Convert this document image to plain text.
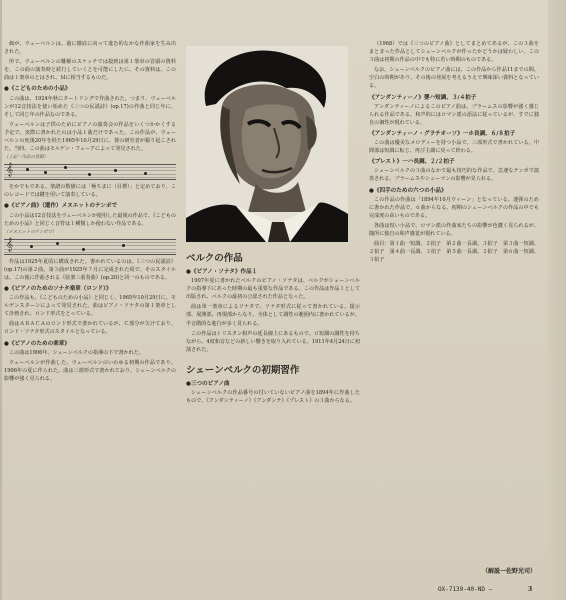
価が、ウェーベルンは、過に徹底に向って進む的なかな作曲家を生み出された。

所で、ウェーベルンの難解のスケッチでは殺到は第１楽章の冒頭の資料を、この曲の演奏時と続行していくとを可能にしたに、その資料は、この曲は１楽章のとはされ、Ｍに相当するものだ。

●《こどものための小品》

この曲は、1924年秋にタートリングで作曲された。つまり、ウェーベルンが12音技法を使い始めた《三つの民謡詩》(op.17)の作曲と同じ年に、そして同じ年の作品なのである。

ウェーベルンは子供のためにピアノの演奏会の作品をいくつかかくする予定で、実際に書かれたのは小品１曲だけであった。この作品が、ウェーベルンの死後20年を経た1965年10月29日に、彼の研究者が掘り起こされた。当時、この曲はモルゲン・フェーアによって発見された。

（上記＝作品の冒頭）
𝄞

をかでもである。楽譜の数値には「極ちまに（目標）」と定めており、このレコードでは鍵を用いて演奏している。

●《ピアノ曲》（遺作）メヌエットのテンポで

この小品は12音技法をウェーベルンが使用した最後の作品で、《こどものための小品》と同じく音符は１種類しか使わない作品である。

（メヌエットのテンポで）
𝄞

作品は1925年夏頃に構成された。書かれているのは、《三つの民謡詩》(op.17)の第２曲、第３曲が1925年７月に完成された頃で、そのスタイルは、この後に作曲される《弦楽三重奏曲》(op.20)と同一のものである。

●《ピアノのためのソナタ楽章（ロンド）》

この作品も、《こどものための小品》と同じく、1965年10月29日に、モルゲンスターンによって発見された。曲はピアノ・ソナタの第１楽章として計画され、ロンド形式をとっている。

曲はＡＢＡＣＡのロンド形式で書かれているが、Ｃ部分が欠けており、ロンド・ソナタ形式のスタイルとなっている。

●《ピアノのための楽章》

この曲は1906年、シェーンベルクの指導の下で書かれた。

ウェーベルンが作曲した、ウェーベルンのいわゆる初期の作品であり、1906年の夏に作られた。曲は三部形式で書かれており、シェーンベルクの影響が強く見られる。

ベルクの作品
●《ピアノ・ソナタ》作品１

1907年夏に書かれたベルクのピアノ・ソナタは、ベルクがシェーンベルクの指導下にあった時期の最も重要な作品である。この作品は作品１として出版され、ベルクの最初の公認された作品となった。

曲は単一楽章によるソナタで、ソナタ形式に従って書かれている。提示部、展開部、再現部からなり、全体として調性の範囲内に書かれているが、半音階的な進行が多く見られる。

この作品はトリスタン和声の延長線上にあるもので、ロ短調の調性を持ちながら、4度和音などの新しい響きを取り入れている。1911年4月24日に初演された。

シェーンベルクの初期習作
●三つのピアノ曲

シェーンベルクの作品番号の付いていないピアノ曲を1894年に作曲したもので、《アンダンティーノ》《アンダンテ》《プレスト》の３曲からなる。

（1968）では《三つのピアノ曲》としてまとめてあるが、この３曲をまとまった作品としてシェーンベルクが作ったかどうかは疑わしい。この３曲は初期の作品の中でも特に若い時期のものである。

なお、シェーンベルクのピアノ曲には、この作品から作品11までの間、空白の時期があり、その後の発展を考えるうえで興味深い資料となっている。

《アンダンティーノ》嬰ハ短調、３/４拍子

アンダンティーノによるこのピアノ曲は、ブラームスの影響が強く感じられる作品である。和声的にはロマン派の語法に従っているが、すでに独自の個性が現れている。

《アンダンティーノ・グラチオーソ》一ホ長調、６/８拍子

この曲は優美なメロディーを持つ小品で、三部形式で書かれている。中間部は短調に転じ、再び主調に戻って終わる。

《プレスト》一ハ長調、２/２拍子

シェーンベルクの３曲のなかで最も技巧的な作品で、急速なテンポで演奏される。ブラームスやシューマンの影響が見られる。

●《四手のための六つの小品》

この作品の作曲は「1894年10月ウィーン」となっている。連弾のために書かれた作品で、６曲からなる。初期のシェーンベルクの作品の中でも完成度の高いものである。

各曲は短い小品で、ロマン派の作曲家たちの影響が色濃く見られるが、随所に独自の和声感覚が現れている。

曲目：第１曲一短調、２拍子　第２曲一長調、３拍子　第３曲一短調、２拍子　第４曲一長調、３拍子　第５曲一長調、２拍子　第６曲一短調、３拍子

（解説一佐野光司）
OX-7139-40-ND —	3
